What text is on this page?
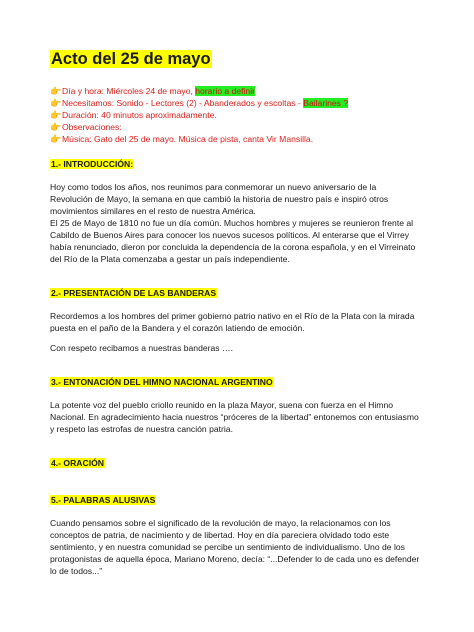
Acto del 25 de mayo
👉Día y hora: Miércoles 24 de mayo, horario a definir
👉Necesitamos: Sonido - Lectores (2) - Abanderados y escoltas - Bailarines ?
👉Duración: 40 minutos aproximadamente.
👉Observaciones:
👉Música: Gato del 25 de mayo. Música de pista, canta Vir Mansilla.
1.- INTRODUCCIÓN:

Hoy como todos los años, nos reunimos para conmemorar un nuevo aniversario de la Revolución de Mayo, la semana en que cambió la historia de nuestro país e inspiró otros movimientos similares en el resto de nuestra América.

El 25 de Mayo de 1810 no fue un día común. Muchos hombres y mujeres se reunieron frente al Cabildo de Buenos Aires para conocer los nuevos sucesos políticos. Al enterarse que el Virrey había renunciado, dieron por concluida la dependencia de la corona española, y en el Virreinato del Río de la Plata comenzaba a gestar un país independiente.

2.- PRESENTACIÓN DE LAS BANDERAS

Recordemos a los hombres del primer gobierno patrio nativo en el Río de la Plata con la mirada puesta en el paño de la Bandera y el corazón latiendo de emoción.

Con respeto recibamos a nuestras banderas ….

3.- ENTONACIÓN DEL HIMNO NACIONAL ARGENTINO

La potente voz del pueblo criollo reunido en la plaza Mayor, suena con fuerza en el Himno Nacional. En agradecimiento hacia nuestros “próceres de la libertad” entonemos con entusiasmo y respeto las estrofas de nuestra canción patria.

4.- ORACIÓN
5.- PALABRAS ALUSIVAS

Cuando pensamos sobre el significado de la revolución de mayo, la relacionamos con los conceptos de patria, de nacimiento y de libertad. Hoy en día pareciera olvidado todo este sentimiento, y en nuestra comunidad se percibe un sentimiento de individualismo. Uno de los protagonistas de aquella época, Mariano Moreno, decía: “...Defender lo de cada uno es defender lo de todos...”
